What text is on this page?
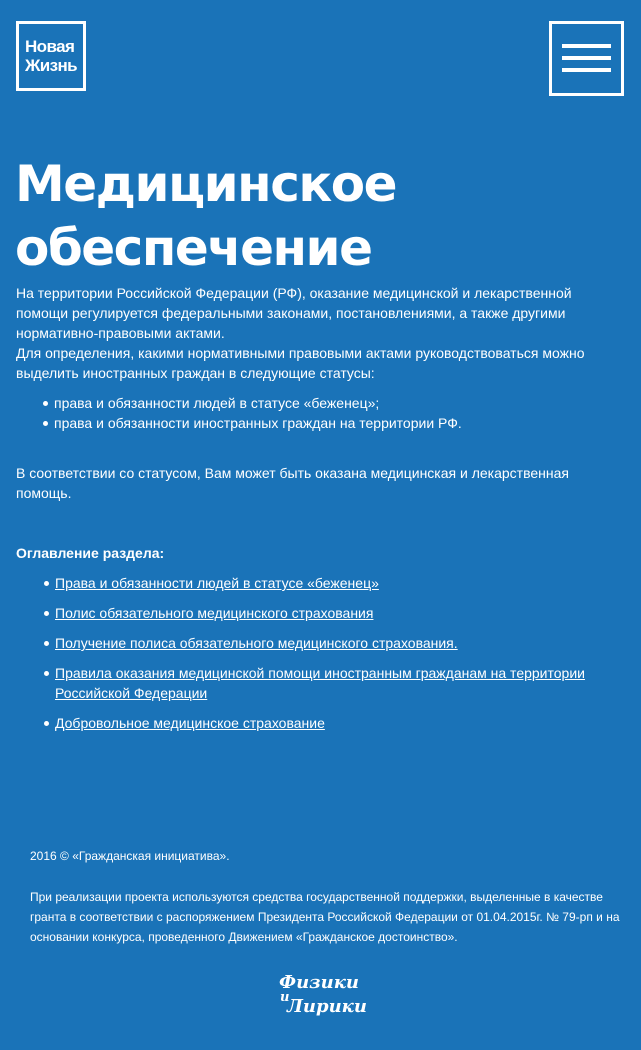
Новая
Жизнь
Медицинское
обеспечение

На территории Российской Федерации (РФ), оказание медицинской и лекарственной помощи регулируется федеральными законами, постановлениями, а также другими нормативно-правовыми актами.

Для определения, какими нормативными правовыми актами руководствоваться можно выделить иностранных граждан в следующие статусы:

права и обязанности людей в статусе «беженец»;
права и обязанности иностранных граждан на территории РФ.

В соответствии со статусом, Вам может быть оказана медицинская и лекарственная помощь.

Оглавление раздела:

Права и обязанности людей в статусе «беженец»
Полис обязательного медицинского страхования
Получение полиса обязательного медицинского страхования.
Правила оказания медицинской помощи иностранным гражданам на территории Российской Федерации
Добровольное медицинское страхование

2016 © «Гражданская инициатива».

При реализации проекта используются средства государственной поддержки, выделенные в качестве гранта в соответствии с распоряжением Президента Российской Федерации от 01.04.2015г. № 79-рп и на основании конкурса, проведенного Движением «Гражданское достоинство».

Физики
и
Лирики
